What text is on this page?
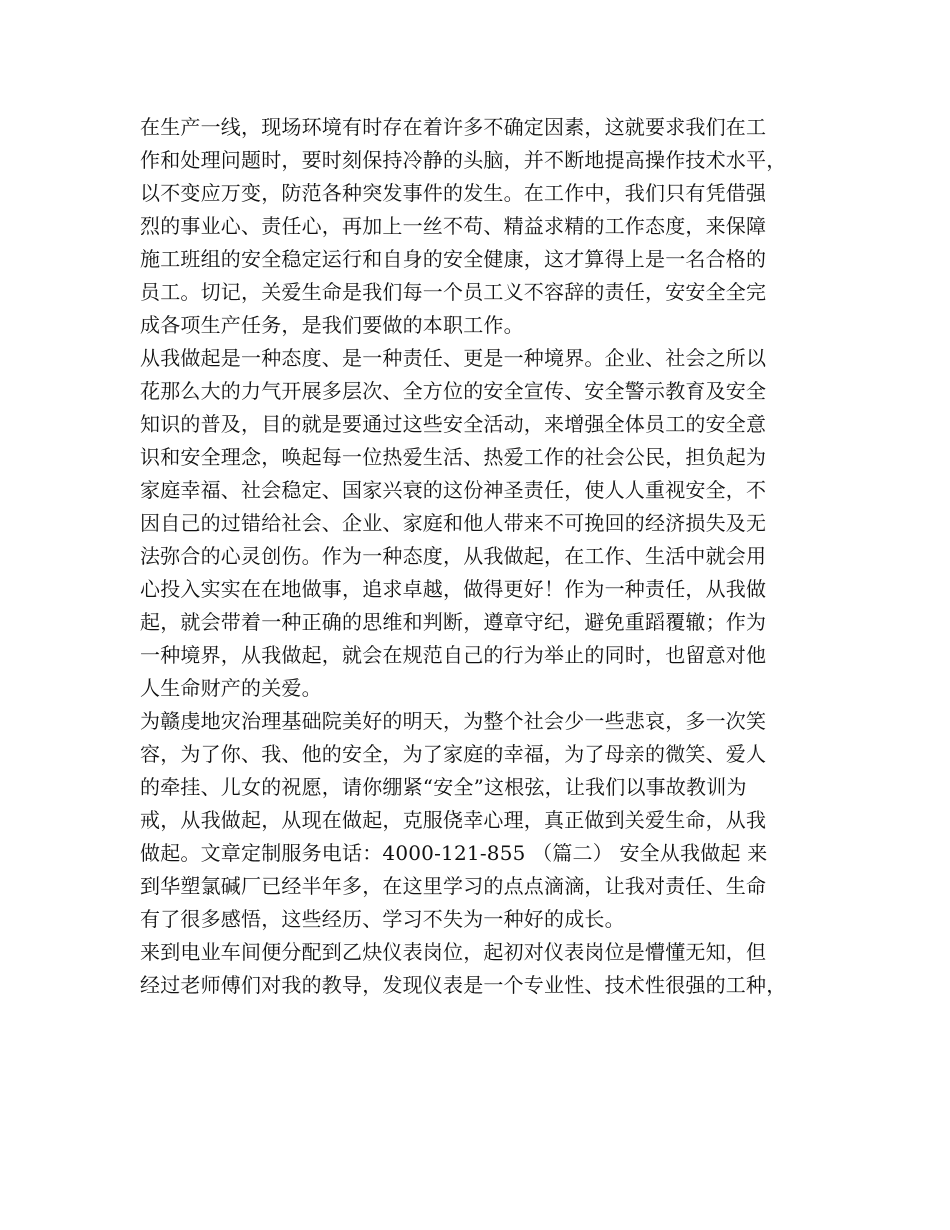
在生产一线，现场环境有时存在着许多不确定因素，这就要求我们在工
作和处理问题时，要时刻保持冷静的头脑，并不断地提高操作技术水平，
以不变应万变，防范各种突发事件的发生。在工作中，我们只有凭借强
烈的事业心、责任心，再加上一丝不苟、精益求精的工作态度，来保障
施工班组的安全稳定运行和自身的安全健康，这才算得上是一名合格的
员工。切记，关爱生命是我们每一个员工义不容辞的责任，安安全全完
成各项生产任务，是我们要做的本职工作。
从我做起是一种态度、是一种责任、更是一种境界。企业、社会之所以
花那么大的力气开展多层次、全方位的安全宣传、安全警示教育及安全
知识的普及，目的就是要通过这些安全活动，来增强全体员工的安全意
识和安全理念，唤起每一位热爱生活、热爱工作的社会公民，担负起为
家庭幸福、社会稳定、国家兴衰的这份神圣责任，使人人重视安全，不
因自己的过错给社会、企业、家庭和他人带来不可挽回的经济损失及无
法弥合的心灵创伤。作为一种态度，从我做起，在工作、生活中就会用
心投入实实在在地做事，追求卓越，做得更好！作为一种责任，从我做
起，就会带着一种正确的思维和判断，遵章守纪，避免重蹈覆辙；作为
一种境界，从我做起，就会在规范自己的行为举止的同时，也留意对他
人生命财产的关爱。
为赣虔地灾治理基础院美好的明天，为整个社会少一些悲哀，多一次笑
容，为了你、我、他的安全，为了家庭的幸福，为了母亲的微笑、爱人
的牵挂、儿女的祝愿，请你绷紧“安全”这根弦，让我们以事故教训为
戒，从我做起，从现在做起，克服侥幸心理，真正做到关爱生命，从我
做起。文章定制服务电话：4000-121-855 （篇二） 安全从我做起 来
到华塑氯碱厂已经半年多，在这里学习的点点滴滴，让我对责任、生命
有了很多感悟，这些经历、学习不失为一种好的成长。
来到电业车间便分配到乙炔仪表岗位，起初对仪表岗位是懵懂无知，但
经过老师傅们对我的教导，发现仪表是一个专业性、技术性很强的工种，
